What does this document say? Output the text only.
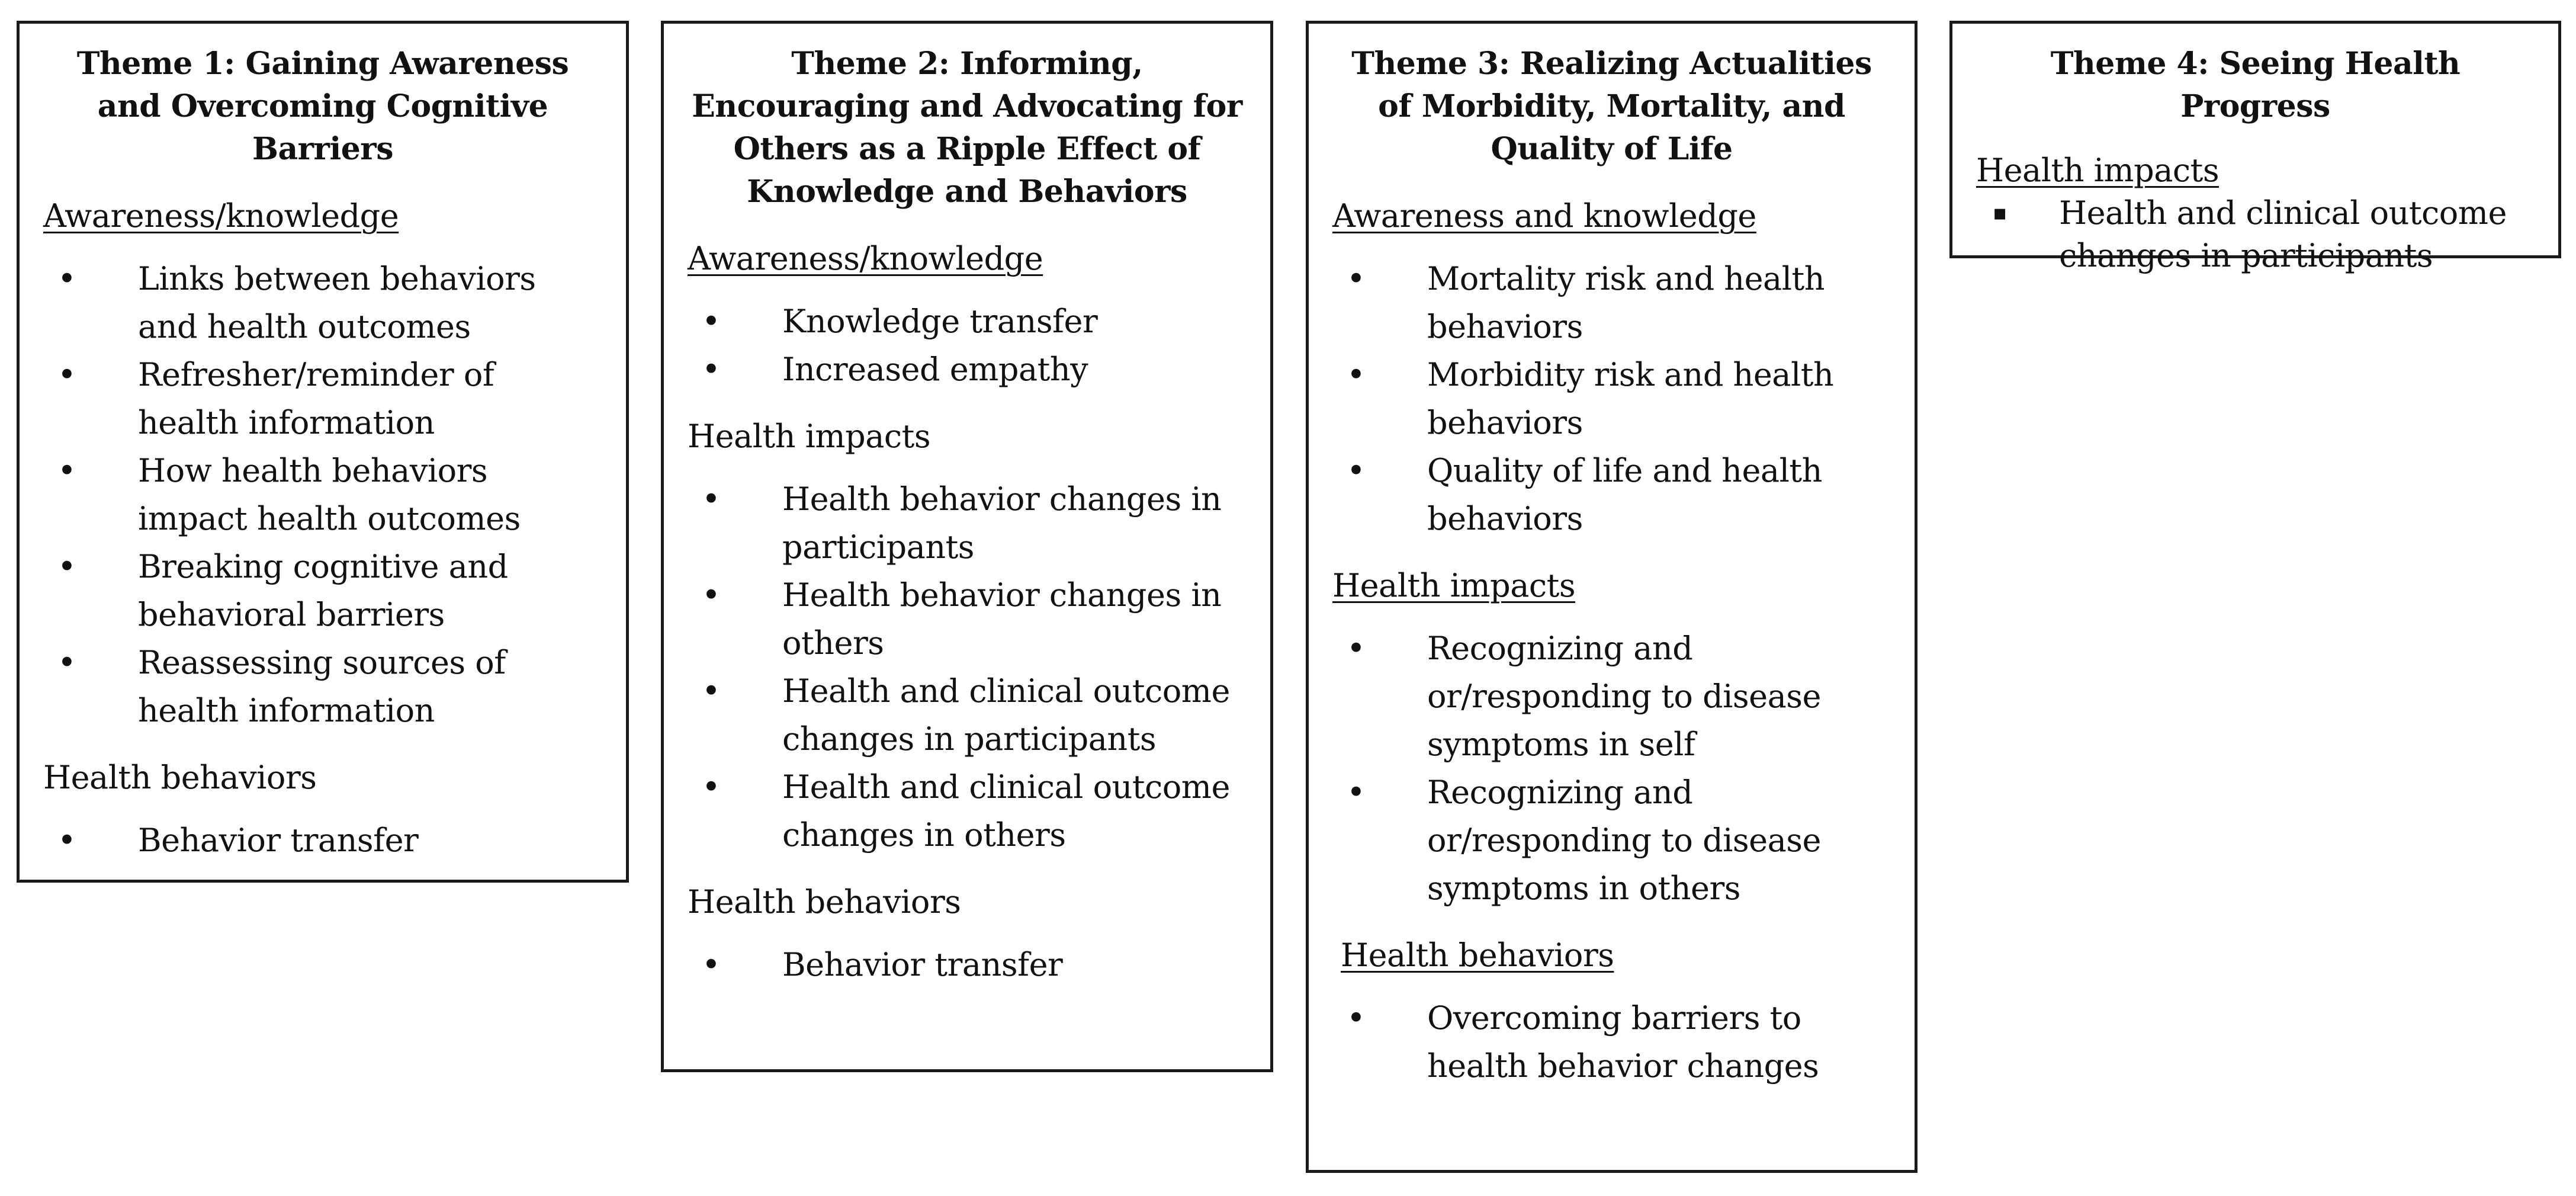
Theme 1: Gaining Awareness and Overcoming Cognitive Barriers
Awareness/knowledge
• Links between behaviors and health outcomes
• Refresher/reminder of health information
• How health behaviors impact health outcomes
• Breaking cognitive and behavioral barriers
• Reassessing sources of health information
Health behaviors
• Behavior transfer
Theme 2: Informing, Encouraging and Advocating for Others as a Ripple Effect of Knowledge and Behaviors
Awareness/knowledge
• Knowledge transfer
• Increased empathy
Health impacts
• Health behavior changes in participants
• Health behavior changes in others
• Health and clinical outcome changes in participants
• Health and clinical outcome changes in others
Health behaviors
• Behavior transfer
Theme 3: Realizing Actualities of Morbidity, Mortality, and Quality of Life
Awareness and knowledge
• Mortality risk and health behaviors
• Morbidity risk and health behaviors
• Quality of life and health behaviors
Health impacts
• Recognizing and or/responding to disease symptoms in self
• Recognizing and or/responding to disease symptoms in others
Health behaviors
• Overcoming barriers to health behavior changes
Theme 4: Seeing Health Progress
Health impacts
▪ Health and clinical outcome changes in participants
